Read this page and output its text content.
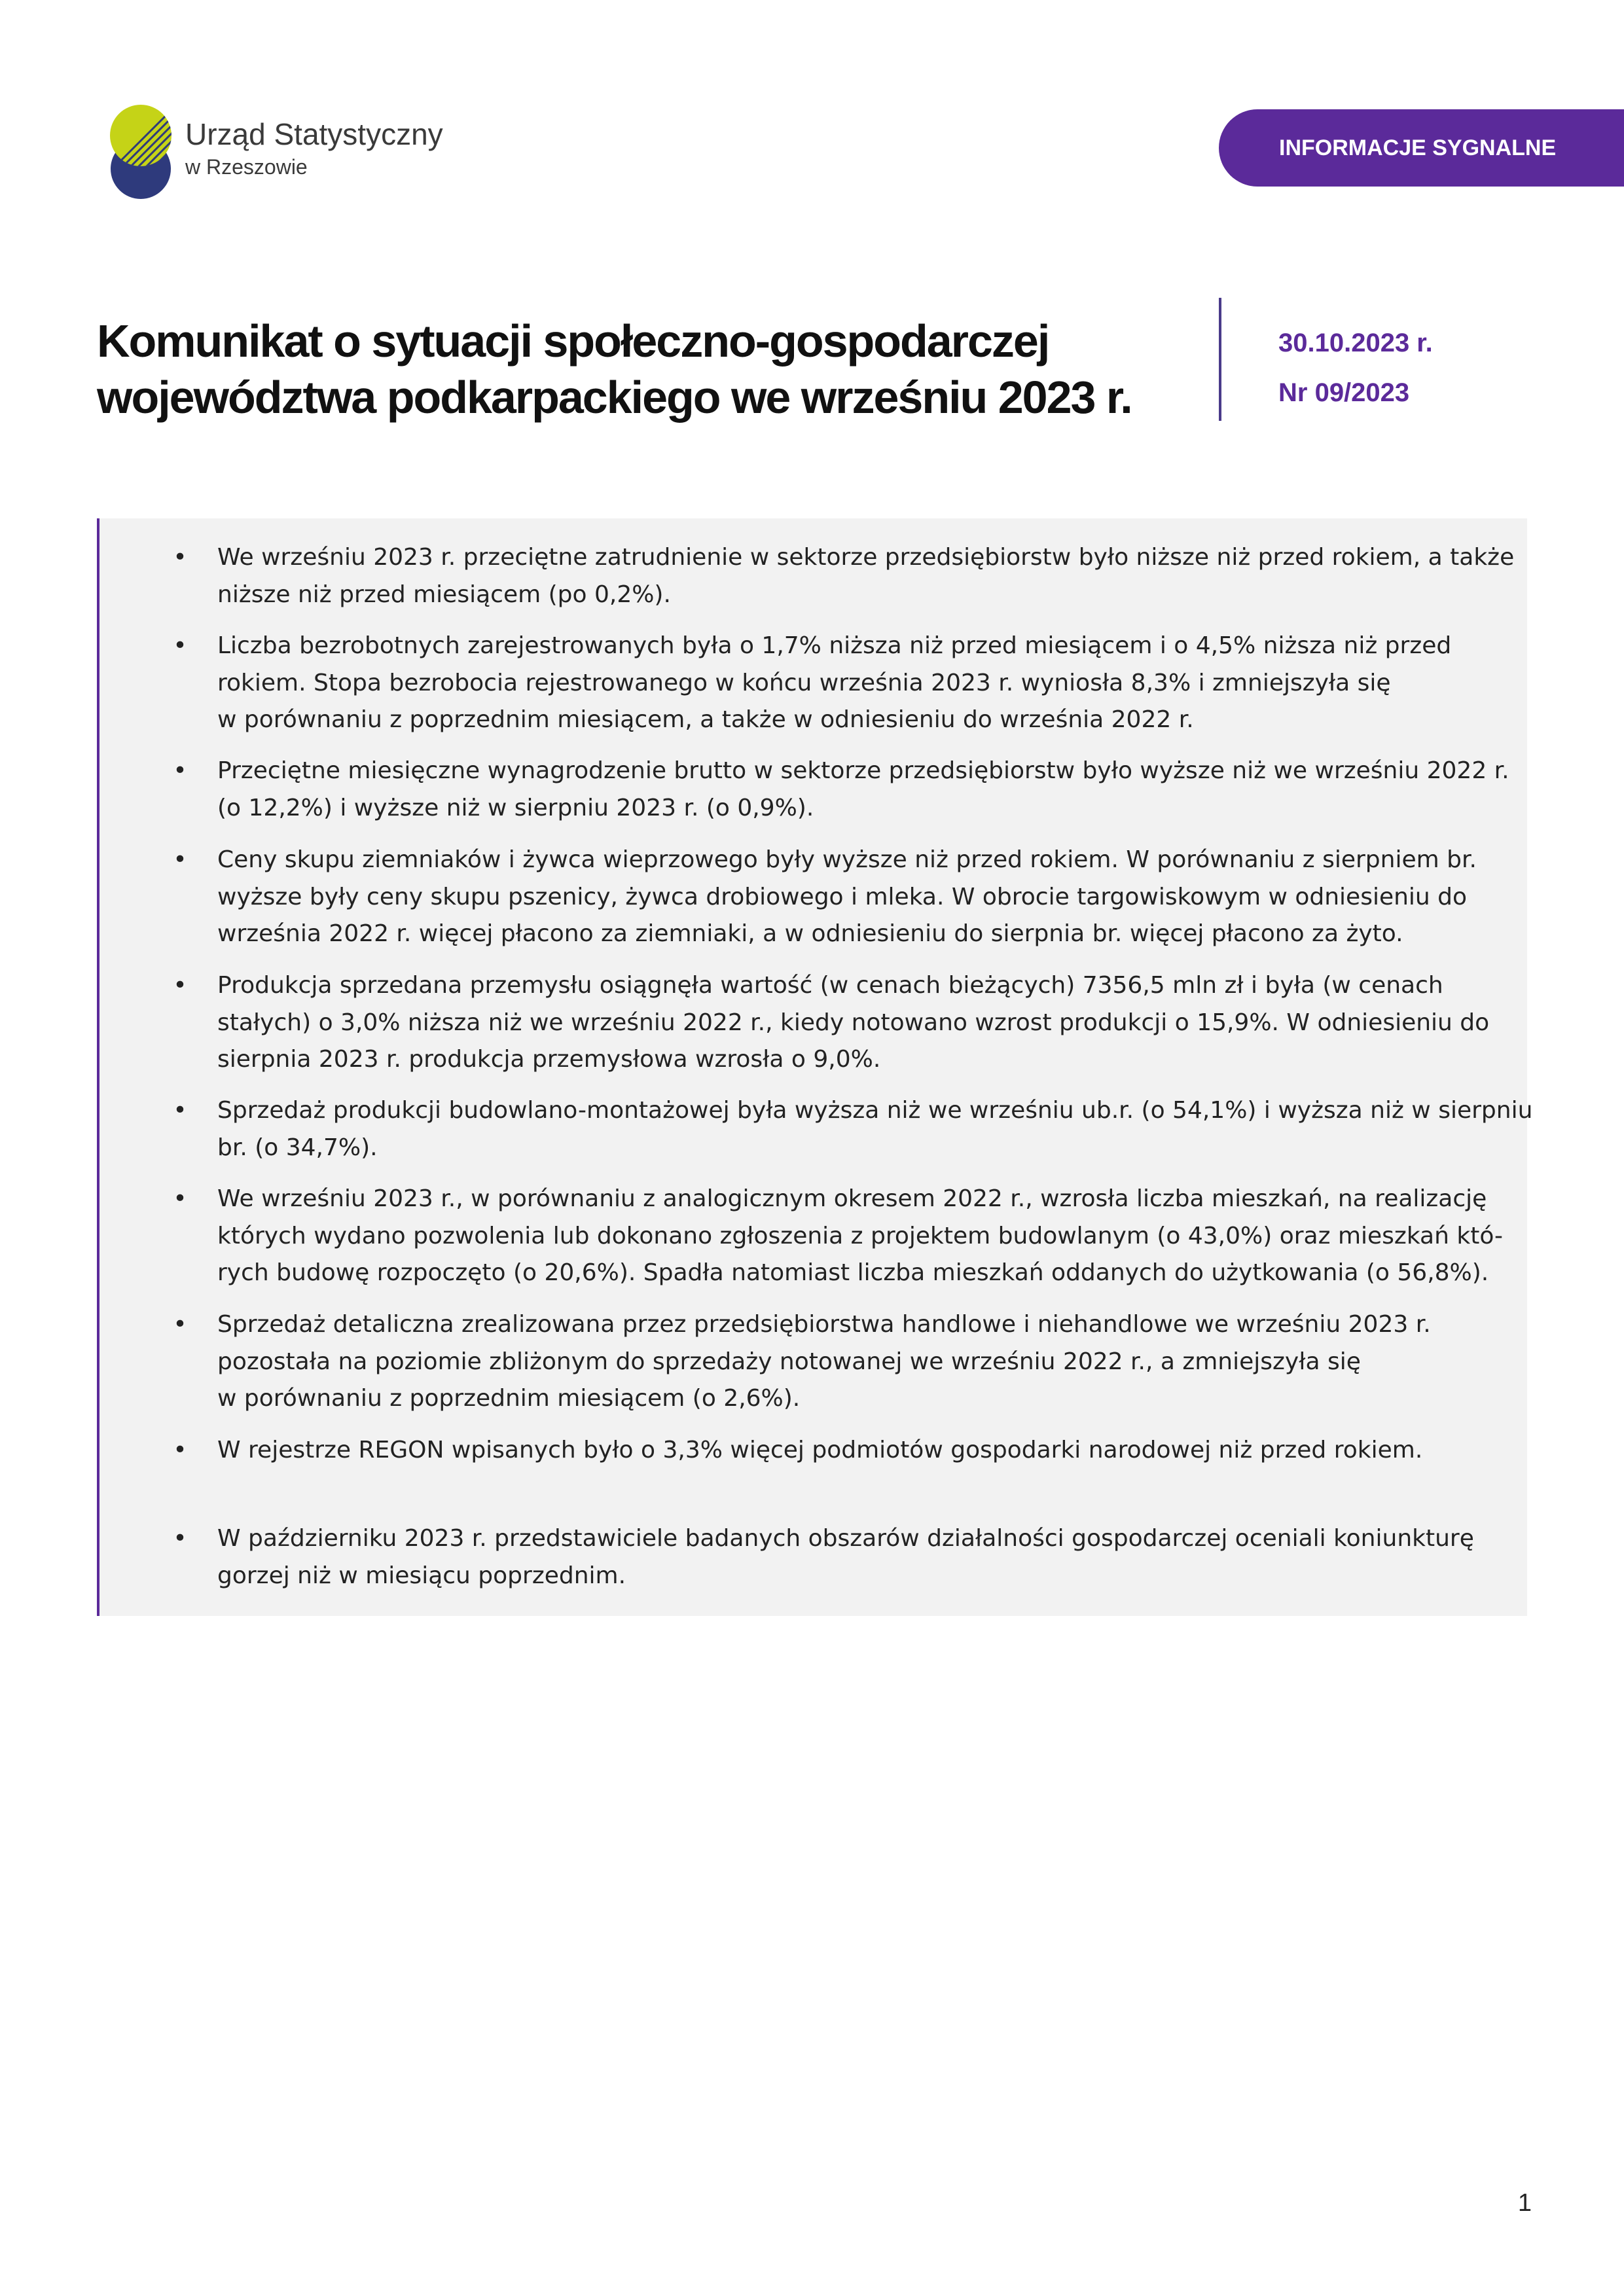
Urząd Statystyczny
w Rzeszowie
INFORMACJE SYGNALNE
Komunikat o sytuacji społeczno-gospodarczej
województwa podkarpackiego we wrześniu 2023 r.
30.10.2023 r.
Nr 09/2023
• We wrześniu 2023 r. przeciętne zatrudnienie w sektorze przedsiębiorstw było niższe niż przed rokiem, a także
niższe niż przed miesiącem (po 0,2%).
• Liczba bezrobotnych zarejestrowanych była o 1,7% niższa niż przed miesiącem i o 4,5% niższa niż przed
rokiem. Stopa bezrobocia rejestrowanego w końcu września 2023 r. wyniosła 8,3% i zmniejszyła się
w porównaniu z poprzednim miesiącem, a także w odniesieniu do września 2022 r.
• Przeciętne miesięczne wynagrodzenie brutto w sektorze przedsiębiorstw było wyższe niż we wrześniu 2022 r.
(o 12,2%) i wyższe niż w sierpniu 2023 r. (o 0,9%).
• Ceny skupu ziemniaków i żywca wieprzowego były wyższe niż przed rokiem. W porównaniu z sierpniem br.
wyższe były ceny skupu pszenicy, żywca drobiowego i mleka. W obrocie targowiskowym w odniesieniu do
września 2022 r. więcej płacono za ziemniaki, a w odniesieniu do sierpnia br. więcej płacono za żyto.
• Produkcja sprzedana przemysłu osiągnęła wartość (w cenach bieżących) 7356,5 mln zł i była (w cenach
stałych) o 3,0% niższa niż we wrześniu 2022 r., kiedy notowano wzrost produkcji o 15,9%. W odniesieniu do
sierpnia 2023 r. produkcja przemysłowa wzrosła o 9,0%.
• Sprzedaż produkcji budowlano-montażowej była wyższa niż we wrześniu ub.r. (o 54,1%) i wyższa niż w sierpniu
br. (o 34,7%).
• We wrześniu 2023 r., w porównaniu z analogicznym okresem 2022 r., wzrosła liczba mieszkań, na realizację
których wydano pozwolenia lub dokonano zgłoszenia z projektem budowlanym (o 43,0%) oraz mieszkań któ-
rych budowę rozpoczęto (o 20,6%). Spadła natomiast liczba mieszkań oddanych do użytkowania (o 56,8%).
• Sprzedaż detaliczna zrealizowana przez przedsiębiorstwa handlowe i niehandlowe we wrześniu 2023 r.
pozostała na poziomie zbliżonym do sprzedaży notowanej we wrześniu 2022 r., a zmniejszyła się
w porównaniu z poprzednim miesiącem (o 2,6%).
• W rejestrze REGON wpisanych było o 3,3% więcej podmiotów gospodarki narodowej niż przed rokiem.
• W październiku 2023 r. przedstawiciele badanych obszarów działalności gospodarczej oceniali koniunkturę
gorzej niż w miesiącu poprzednim.
1
